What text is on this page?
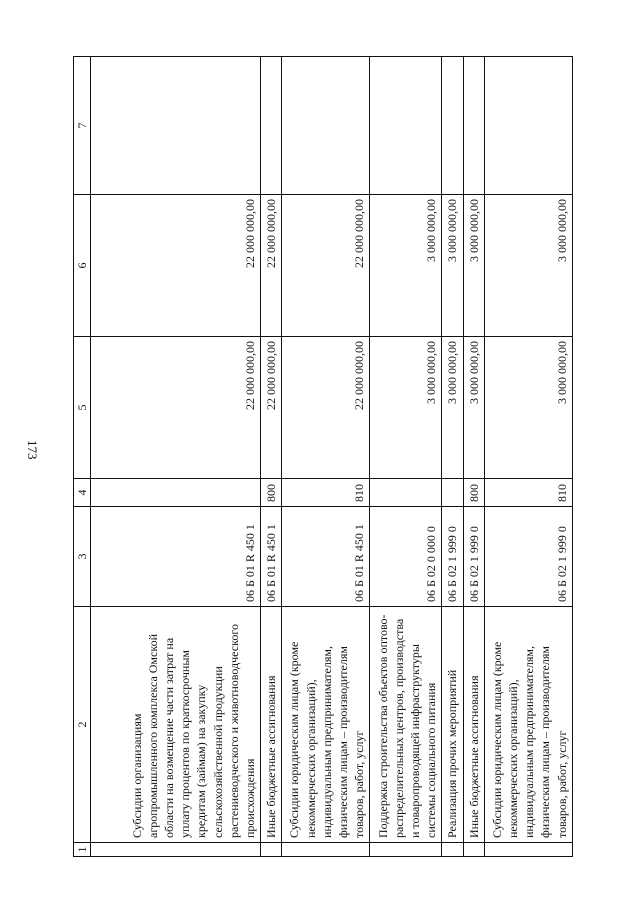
173
1	2	3	4	5	6	7
	Субсидии организациям агропромышленного комплекса Омской области на возмещение части затрат на уплату процентов по краткосрочным кредитам (займам) на закупку сельскохозяйственной продукции растениеводческого и животноводческого происхождения	06 Б 01 R 450 1		22 000 000,00	22 000 000,00	
	Иные бюджетные ассигнования	06 Б 01 R 450 1	800	22 000 000,00	22 000 000,00	
	Субсидии юридическим лицам (кроме некоммерческих организаций), индивидуальным предпринимателям, физическим лицам – производителям товаров, работ, услуг	06 Б 01 R 450 1	810	22 000 000,00	22 000 000,00	
	Поддержка строительства объектов оптово-распределительных центров, производства и товаропроводящей инфраструктуры системы социального питания	06 Б 02 0 000 0		3 000 000,00	3 000 000,00	
	Реализация прочих мероприятий	06 Б 02 1 999 0		3 000 000,00	3 000 000,00	
	Иные бюджетные ассигнования	06 Б 02 1 999 0	800	3 000 000,00	3 000 000,00	
	Субсидии юридическим лицам (кроме некоммерческих организаций), индивидуальным предпринимателям, физическим лицам – производителям товаров, работ, услуг	06 Б 02 1 999 0	810	3 000 000,00	3 000 000,00	
